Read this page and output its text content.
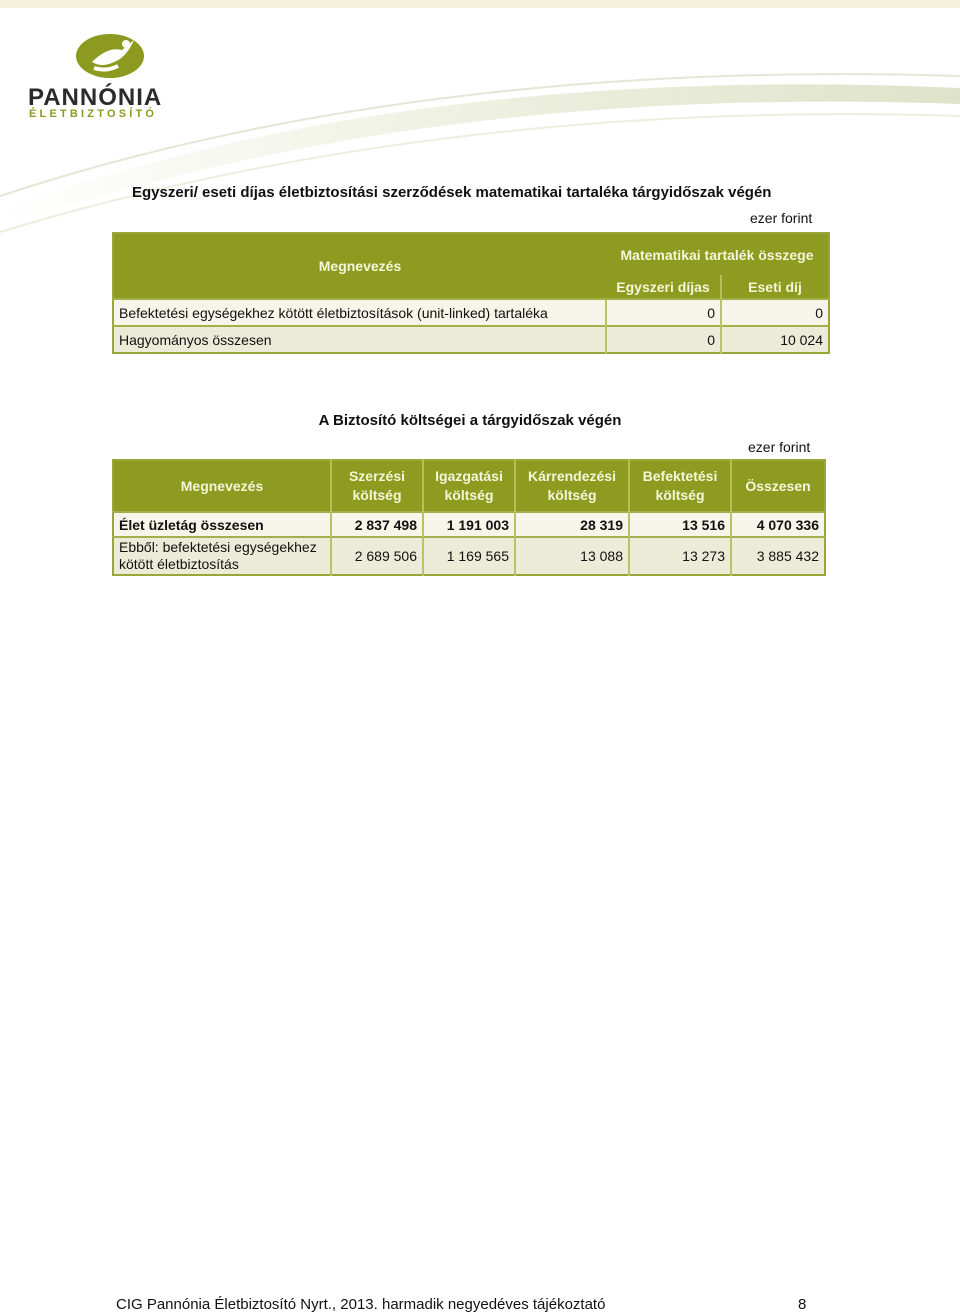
PANNÓNIA
ÉLETBIZTOSÍTÓ
Egyszeri/ eseti díjas életbiztosítási szerződések matematikai tartaléka tárgyidőszak végén
ezer forint
Megnevezés	Matematikai tartalék összege	
	Egyszeri díjas	Eseti díj
Befektetési egységekhez kötött életbiztosítások (unit-linked) tartaléka	0	0
Hagyományos összesen	0	10 024
A Biztosító költségei a tárgyidőszak végén
ezer forint
Megnevezés	Szerzési költség	Igazgatási költség	Kárrendezési költség	Befektetési költség	Összesen
Élet üzletág összesen	2 837 498	1 191 003	28 319	13 516	4 070 336
Ebből: befektetési egységekhez kötött életbiztosítás	2 689 506	1 169 565	13 088	13 273	3 885 432
CIG Pannónia Életbiztosító Nyrt., 2013. harmadik negyedéves tájékoztató	8
